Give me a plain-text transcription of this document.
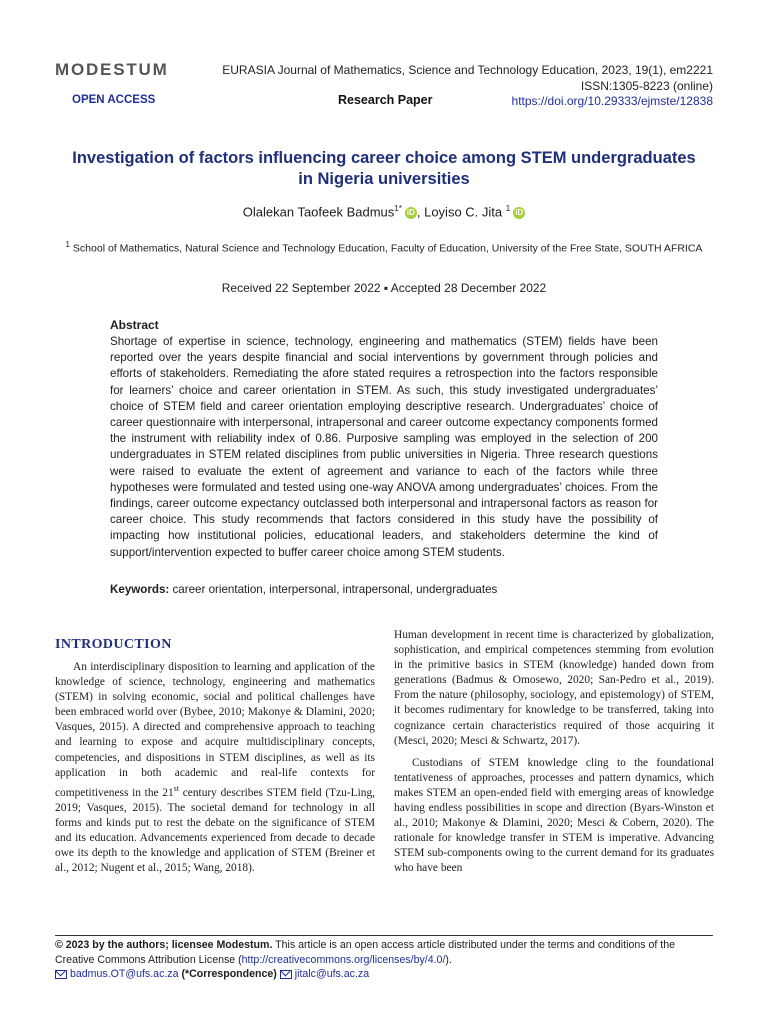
MODESTUM	EURASIA Journal of Mathematics, Science and Technology Education, 2023, 19(1), em2221
ISSN:1305-8223 (online)
OPEN ACCESS	Research Paper	https://doi.org/10.29333/ejmste/12838
Investigation of factors influencing career choice among STEM undergraduates
in Nigeria universities
Olalekan Taofeek Badmus$^{1*}$ iD , Loyiso C. Jita $^1$ iD
$^1$ School of Mathematics, Natural Science and Technology Education, Faculty of Education, University of the Free State, SOUTH AFRICA
Received 22 September 2022 ▪ Accepted 28 December 2022
Abstract
Shortage of expertise in science, technology, engineering and mathematics (STEM) fields have been reported over the years despite financial and social interventions by government through policies and efforts of stakeholders. Remediating the afore stated requires a retrospection into the factors responsible for learners’ choice and career orientation in STEM. As such, this study investigated undergraduates’ choice of STEM field and career orientation employing descriptive research. Undergraduates’ choice of career questionnaire with interpersonal, intrapersonal and career outcome expectancy components formed the instrument with reliability index of 0.86. Purposive sampling was employed in the selection of 200 undergraduates in STEM related disciplines from public universities in Nigeria. Three research questions were raised to evaluate the extent of agreement and variance to each of the factors while three hypotheses were formulated and tested using one-way ANOVA among undergraduates’ choices. From the findings, career outcome expectancy outclassed both interpersonal and intrapersonal factors as reason for career choice. This study recommends that factors considered in this study have the possibility of impacting how institutional policies, educational leaders, and stakeholders determine the kind of support/intervention expected to buffer career choice among STEM students.
Keywords: career orientation, interpersonal, intrapersonal, undergraduates
INTRODUCTION

An interdisciplinary disposition to learning and application of the knowledge of science, technology, engineering and mathematics (STEM) in solving economic, social and political challenges have been embraced world over (Bybee, 2010; Makonye & Dlamini, 2020; Vasques, 2015). A directed and comprehensive approach to teaching and learning to expose and acquire multidisciplinary concepts, competencies, and dispositions in STEM disciplines, as well as its application in both academic and real-life contexts for competitiveness in the 21st century describes STEM field (Tzu-Ling, 2019; Vasques, 2015). The societal demand for technology in all forms and kinds put to rest the debate on the significance of STEM and its education. Advancements experienced from decade to decade owe its depth to the knowledge and application of STEM (Breiner et al., 2012; Nugent et al., 2015; Wang, 2018).

Human development in recent time is characterized by globalization, sophistication, and empirical competences stemming from evolution in the primitive basics in STEM (knowledge) handed down from generations (Badmus & Omosewo, 2020; San-Pedro et al., 2019). From the nature (philosophy, sociology, and epistemology) of STEM, it becomes rudimentary for knowledge to be transferred, taking into cognizance certain characteristics required of those acquiring it (Mesci, 2020; Mesci & Schwartz, 2017).

Custodians of STEM knowledge cling to the foundational tentativeness of approaches, processes and pattern dynamics, which makes STEM an open-ended field with emerging areas of knowledge having endless possibilities in scope and direction (Byars-Winston et al., 2010; Makonye & Dlamini, 2020; Mesci & Cobern, 2020). The rationale for knowledge transfer in STEM is imperative. Advancing STEM sub-components owing to the current demand for its graduates who have been

© 2023 by the authors; licensee Modestum. This article is an open access article distributed under the terms and conditions of the Creative Commons Attribution License (http://creativecommons.org/licenses/by/4.0/).
badmus.OT@ufs.ac.za (*Correspondence) jitalc@ufs.ac.za
